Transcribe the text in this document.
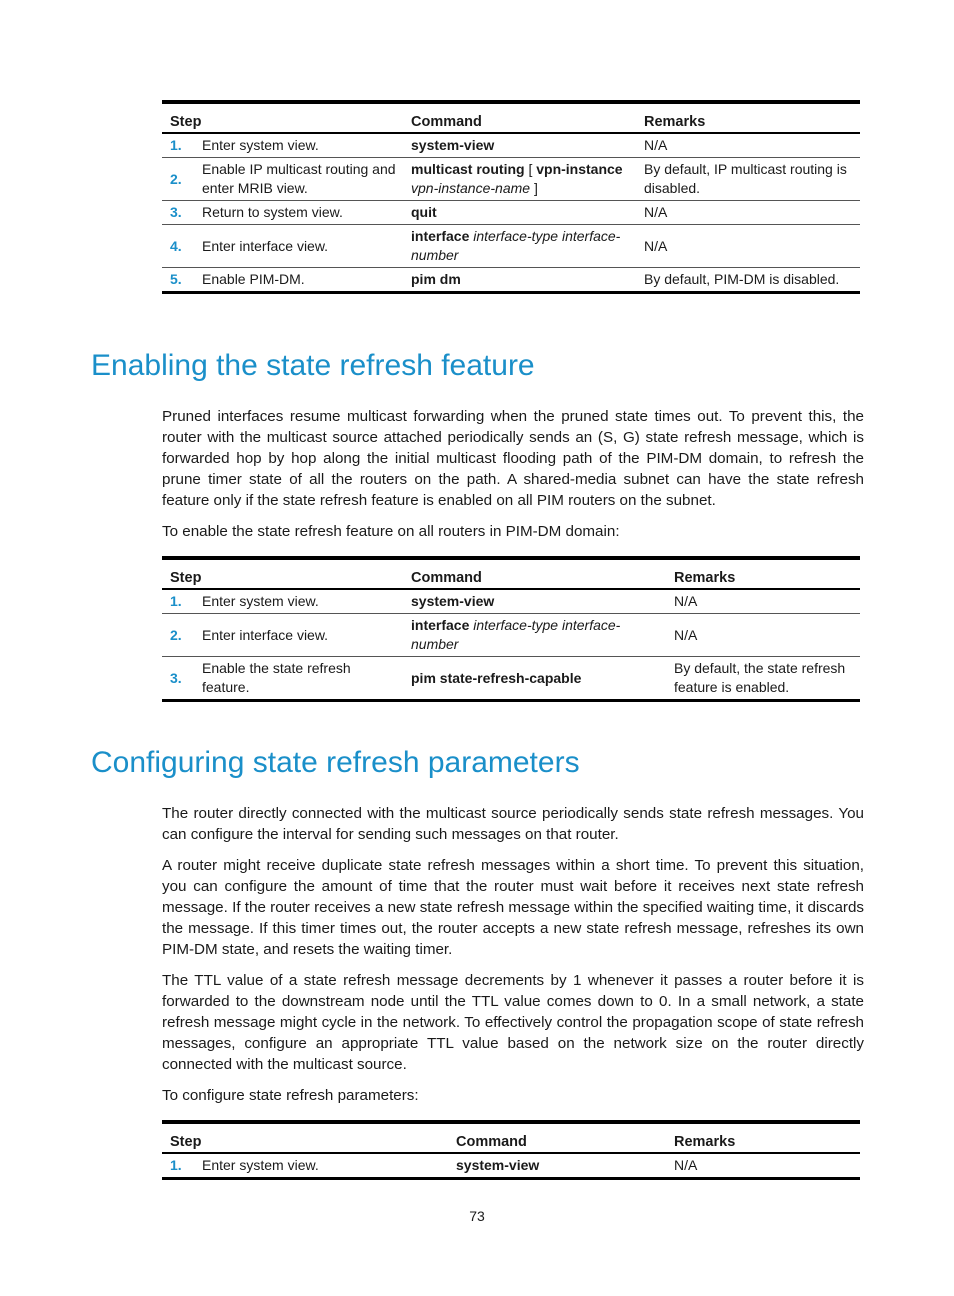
Step		Command	Remarks
1.	Enter system view.	system-view	N/A
2.	Enable IP multicast routing and enter MRIB view.	multicast routing [ vpn-instance vpn-instance-name ]	By default, IP multicast routing is disabled.
3.	Return to system view.	quit	N/A
4.	Enter interface view.	interface interface-type interface-number	N/A
5.	Enable PIM-DM.	pim dm	By default, PIM-DM is disabled.
Enabling the state refresh feature

Pruned interfaces resume multicast forwarding when the pruned state times out. To prevent this, the router with the multicast source attached periodically sends an (S, G) state refresh message, which is forwarded hop by hop along the initial multicast flooding path of the PIM-DM domain, to refresh the prune timer state of all the routers on the path. A shared-media subnet can have the state refresh feature only if the state refresh feature is enabled on all PIM routers on the subnet.

To enable the state refresh feature on all routers in PIM-DM domain:

Step		Command	Remarks
1.	Enter system view.	system-view	N/A
2.	Enter interface view.	interface interface-type interface-number	N/A
3.	Enable the state refresh feature.	pim state-refresh-capable	By default, the state refresh feature is enabled.
Configuring state refresh parameters

The router directly connected with the multicast source periodically sends state refresh messages. You can configure the interval for sending such messages on that router.

A router might receive duplicate state refresh messages within a short time. To prevent this situation, you can configure the amount of time that the router must wait before it receives next state refresh message. If the router receives a new state refresh message within the specified waiting time, it discards the message. If this timer times out, the router accepts a new state refresh message, refreshes its own PIM-DM state, and resets the waiting timer.

The TTL value of a state refresh message decrements by 1 whenever it passes a router before it is forwarded to the downstream node until the TTL value comes down to 0. In a small network, a state refresh message might cycle in the network. To effectively control the propagation scope of state refresh messages, configure an appropriate TTL value based on the network size on the router directly connected with the multicast source.

To configure state refresh parameters:

Step		Command	Remarks
1.	Enter system view.	system-view	N/A
73
